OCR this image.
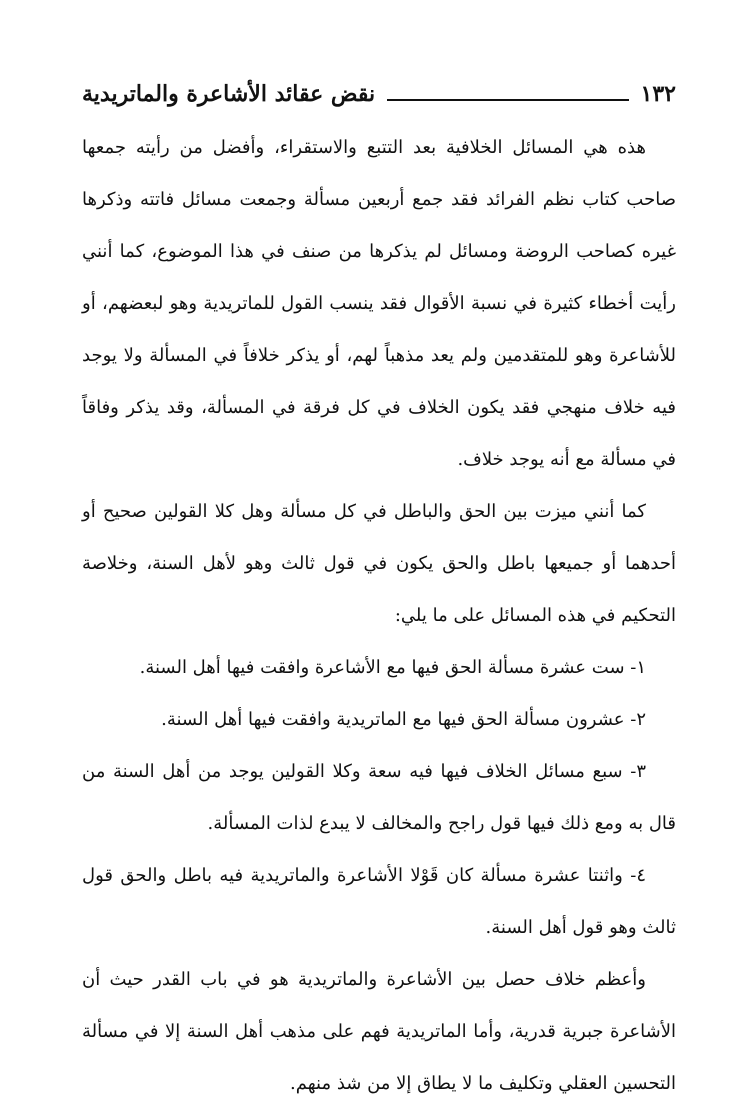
١٣٢
نقض عقائد الأشاعرة والماتريدية

هذه هي المسائل الخلافية بعد التتبع والاستقراء، وأفضل من رأيته جمعها صاحب كتاب نظم الفرائد فقد جمع أربعين مسألة وجمعت مسائل فاتته وذكرها غيره كصاحب الروضة ومسائل لم يذكرها من صنف في هذا الموضوع، كما أنني رأيت أخطاء كثيرة في نسبة الأقوال فقد ينسب القول للماتريدية وهو لبعضهم، أو للأشاعرة وهو للمتقدمين ولم يعد مذهباً لهم، أو يذكر خلافاً في المسألة ولا يوجد فيه خلاف منهجي فقد يكون الخلاف في كل فرقة في المسألة، وقد يذكر وفاقاً في مسألة مع أنه يوجد خلاف.

كما أنني ميزت بين الحق والباطل في كل مسألة وهل كلا القولين صحيح أو أحدهما أو جميعها باطل والحق يكون في قول ثالث وهو لأهل السنة، وخلاصة التحكيم في هذه المسائل على ما يلي:

١- ست عشرة مسألة الحق فيها مع الأشاعرة وافقت فيها أهل السنة.

٢- عشرون مسألة الحق فيها مع الماتريدية وافقت فيها أهل السنة.

٣- سبع مسائل الخلاف فيها فيه سعة وكلا القولين يوجد من أهل السنة من قال به ومع ذلك فيها قول راجح والمخالف لا يبدع لذات المسألة.

٤- واثنتا عشرة مسألة كان قَوْلا الأشاعرة والماتريدية فيه باطل والحق قول ثالث وهو قول أهل السنة.

وأعظم خلاف حصل بين الأشاعرة والماتريدية هو في باب القدر حيث أن الأشاعرة جبرية قدرية، وأما الماتريدية فهم على مذهب أهل السنة إلا في مسألة التحسين العقلي وتكليف ما لا يطاق إلا من شذ منهم.
